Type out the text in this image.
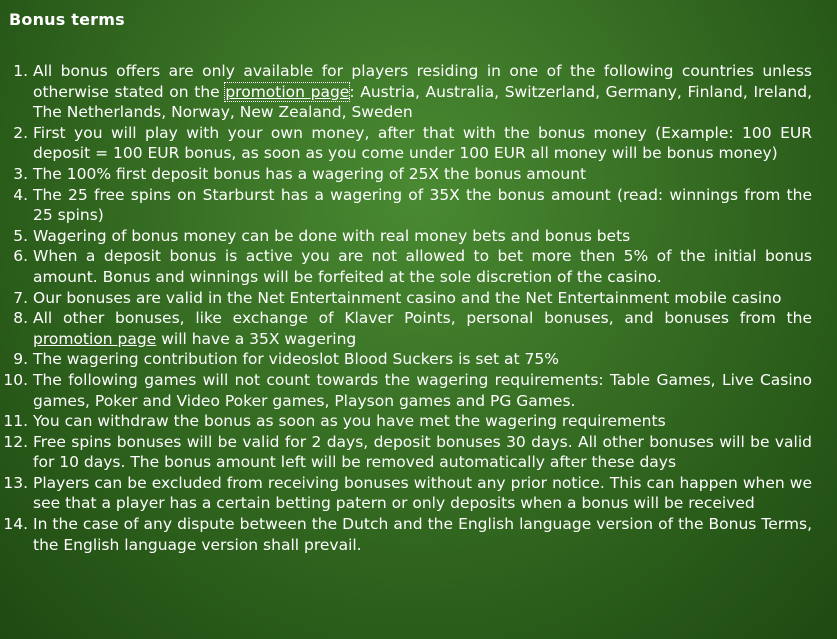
Bonus terms
1. All bonus offers are only available for players residing in one of the following countries unless otherwise stated on the promotion page: Austria, Australia, Switzerland, Germany, Finland, Ireland, The Netherlands, Norway, New Zealand, Sweden
2. First you will play with your own money, after that with the bonus money (Example: 100 EUR deposit = 100 EUR bonus, as soon as you come under 100 EUR all money will be bonus money)
3. The 100% first deposit bonus has a wagering of 25X the bonus amount
4. The 25 free spins on Starburst has a wagering of 35X the bonus amount (read: winnings from the 25 spins)
5. Wagering of bonus money can be done with real money bets and bonus bets
6. When a deposit bonus is active you are not allowed to bet more then 5% of the initial bonus amount. Bonus and winnings will be forfeited at the sole discretion of the casino.
7. Our bonuses are valid in the Net Entertainment casino and the Net Entertainment mobile casino
8. All other bonuses, like exchange of Klaver Points, personal bonuses, and bonuses from the promotion page will have a 35X wagering
9. The wagering contribution for videoslot Blood Suckers is set at 75%
10. The following games will not count towards the wagering requirements: Table Games, Live Casino games, Poker and Video Poker games, Playson games and PG Games.
11. You can withdraw the bonus as soon as you have met the wagering requirements
12. Free spins bonuses will be valid for 2 days, deposit bonuses 30 days. All other bonuses will be valid for 10 days. The bonus amount left will be removed automatically after these days
13. Players can be excluded from receiving bonuses without any prior notice. This can happen when we see that a player has a certain betting patern or only deposits when a bonus will be received
14. In the case of any dispute between the Dutch and the English language version of the Bonus Terms, the English language version shall prevail.
